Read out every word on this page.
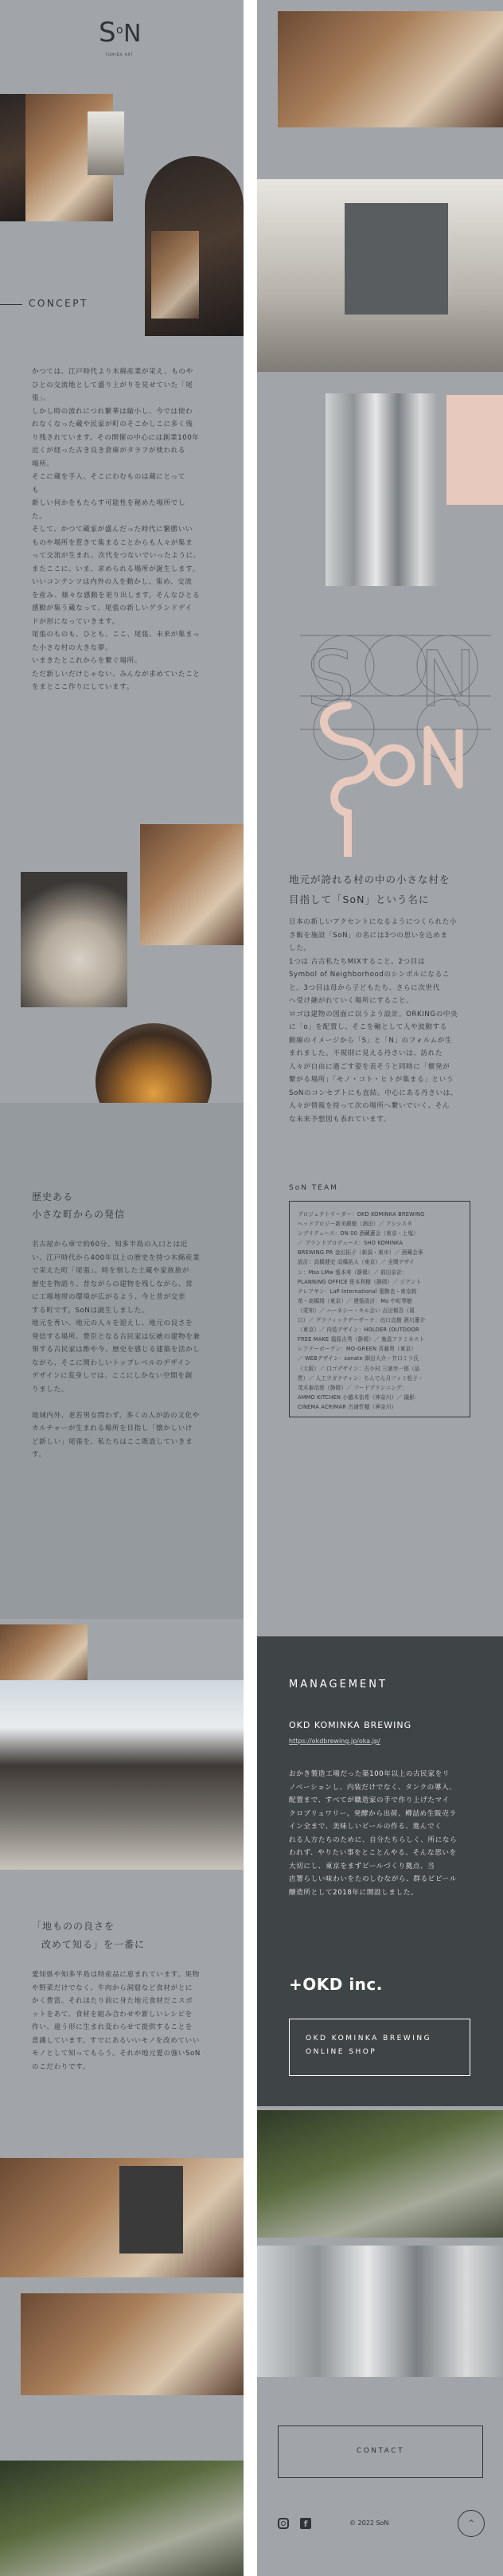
S o N
TOMIDA ART
CONCEPT
かつては、江戸時代より木綿産業が栄え、ものや
ひとの交流地として盛り上がりを見せていた「尾
張」。
しかし時の流れにつれ繁華は縮小し、今では使わ
れなくなった蔵や民家が町のそこかしこに多く残
り残されています。その開催の中心には創業100年
近くが経った古き良き倉庫がタラフが使われる
場所。
そこに蔵を手入、そこにわむものは蔵にとって
も
新しい何かをもたらす可能性を秘めた場所でし
た。
そして、かつて蔵家が盛んだった時代に繁勝いい
ものや場所を惹きて集まることからも人々が集ま
って交流が生まれ、次代をつないでいったように、
またここに、いま、求められる場所が誕生します。
いいコンテンツは内外の人を動かし、集め、交流
を産み、様々な感動を更り出します。そんなひとる
感動が集う蔵なって、尾張の新しいグランドデイ
ドが形になっていきます。
尾張のものも、ひとも、ここ、尾張、未来が集まっ
た小さな村の大きな夢。
いまきたとこれからを繋ぐ場所。
ただ新しいだけじゃない、みんなが求めていたこと
をまとここ作りにしています。
歴史ある
小さな町からの発信
名古屋から車で約60分。知多半島の入口とは近
い、江戸時代から400年以上の歴史を持つ木綿産業
で栄えた町「尾張」。時を刻した土蔵や家族旅が
歴史を物語り、昔ながらの建物を残しながら、常
に工場地帯の環境が広がるよう、今と昔が交差
する町です。SoNは誕生しました。
地元を育い、地元の人々を迎えし、地元の良さを
発信する場所。豊臣となる古民家は伝統の建物を兼
領する古民家は酢や今、歴史を感じる建築を活かし
ながら、そこに関わしいトップレベルのデザイン
デザインに変身しでは、ここにしかない空間を創
りました。

地域内外、老若男女問わず、多くの人が訪の文化や
カルチャーが生まれる場所を目指し「懐かしいけ
ど新しい」尾張を、私たちはここ既設していきま
す。
「地ものの良さを
改めて知る」を一番に
愛知県や知多半島は特産品に恵まれています。果物
や野菜だけでなく、牛肉から洞窟など食材がとに
かく豊富。それほたり前に身た地元食材だこスポ
ットをあて、食材を組み合わせや新しいレシピを
作い、違う形に生まれ変わらせて提供することを
意識しています。すでにあるいいモノを改めていい
モノとして知ってもらう。それが地元愛の強いSoN
のこだわりです。
S N
地元が誇れる村の中の小さな村を
目指して「SoN」という名に
日本の新しいアクセントになるようにつくられた小
さ飯を施設「SoN」の名には3つの思いを込めま
した。
1つは 古古私たちMIXすること。2つ目は
Symbol of Neighborhoodのシンボルになるこ
と。3つ目は母から子どもたち、さらに次世代
へ受け継がれていく場所にすること。
ロゴは建物の図面に以うよう設計。ORKINGの中央
に「o」を配置し、そこを軸として人や波動する
動線のイメージから「S」と「N」のフォルムが生
まれました。不規則に見える丹さいは、訪れた
人々が自由に過ごす姿を表そうと同時に「懐発が
繋がる場所」「モノ・コト・ヒトが集まる」という
SoNのコンセプトにも直結。中心にある丹さいは、
人々が情報を持って次の場所へ繋いでいく、そん
な未来予想図も表れています。
SoN TEAM
プロジェクトリーダー：OKD KOMINKA BREWING
ヘッドプロジー新美銀樹（酒田）／ アシシスタ
ンプリデュース：ON 00 酒藏蓮会（東京・上塩）
／ ブランドプロデュース：SHO KOMINKA
BREWING PR 金田拓子（新潟・東市）／ 酒蔵会事
設計：高橋健史 高橋拓人（東京）／ 全間デザイ
ン：Mso LMw 張本寿（静岡）／ 前田奈計：
PLANNING OFFICE 笹本利樹（静岡）／ ジアント
テレアヤン：LaP International 張駒也・東京鈞
希・髙橋翔（東京）／ 建築設計：Mo 中町琴樹
（愛知）／ ハーネシー・キル会い 吉田慎吾（現
口）／ グラフィックデーザーナ：出口直樹 酒川蓮介
（東京）／ 内装デザイン：HOLDER (OUTDOOR
FREE MAKE 福原吉秀（静岡）／ 施設アドミネスト
レアテーボーゲン：MO-GREEN 斉藤勇（東京）
／ WEBデザイン：sanate 細田大介・井口ミラ氏
（大阪）／ 口ゴデザイン：古小村 三浦幸一郎（品
質）／ 人工ウガナティン：ちんでん月ファミ松子・
茂木泰治郎（静岡）／ フードプランニング：
AMMO KITCHEN 小越木佑希（神奈川）／ 撮影：
CINEMA ACRIMAR 古浦哲穂（神奈川）
MANAGEMENT
OKD KOMINKA BREWING
https://okdbrewing.jp/oka.jp/
おかき製造工場だった築100年以上の古民家をリ
ノベーションし、内装だけでなく、タンクの導入、
配置まで、すべてが職造家の手で作り上げたマイ
クロブリュワリー。発酵から出荷、樽詰め生販売ラ
イン全まで、美味しいビールの作る、進んでく
れる人方たちのために、自分たちらしく、所になら
われず、やりたい事をとことんやる、そんな思いを
大切にし、東京をまずビールづくり拠点、当
店署らしい味わいをたのしむながら、群るビビール
醸造所として2018年に開設しました。
+OKD inc.
OKD KOMINKA BREWING
ONLINE SHOP
CONTACT
f	© 2022 SoN	^
